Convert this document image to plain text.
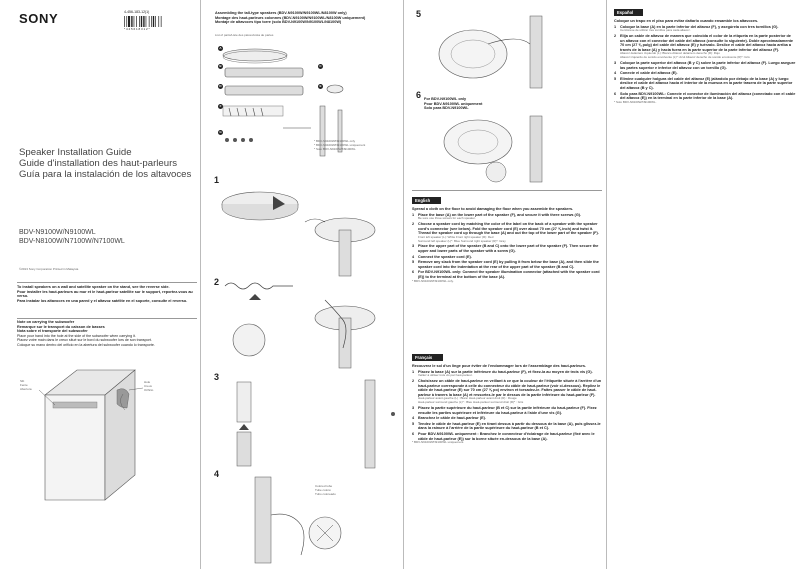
SONY	4-456-183-12(1)
* 4 4 5 6 1 8 3 1 2 *
Speaker Installation Guide
Guide d'installation des haut-parleurs
Guía para la instalación de los altavoces
BDV-N9100W/N9100WL
BDV-N8100W/N7100W/N7100WL
©2013 Sony Corporation Printed in Malaysia
To install speakers on a wall and satellite speaker on the stand, see the reverse side.
Pour installer les haut-parleurs au mur et le haut-parleur satellite sur le support, reportez-vous au verso.
Para instalar los altavoces en una pared y el altavoz satélite en el soporte, consulte el reverso.
Note on carrying the subwoofer
Remarque sur le transport du caisson de basses
Nota sobre el transporte del subwoofer
Place your hand into the hole at the side of the subwoofer when carrying it.
Placez votre main dans le creux situé sur le bord du subwoofer lors de son transport.
Coloque su mano dentro del orificio en la abertura del subwoofer cuando lo transporte.
Slit
Fente
Abertura
Hole
Creux
Orificio
Assembling the tall-type speakers (BDV-N9100W/N9100WL/N8100W only)
Montage des haut-parleurs colonnes (BDV-N9100W/N9100WL/N8100W uniquement)
Montaje de altavoces tipo torre (solo BDV-N9100W/N9100WL/N8100W)
List of parts/Liste des pièces/Lista de partes
A
B	C
D	E
F
G
* BDV-N9100W/N9100WL only
* BDV-N9100W/N9100WL uniquement
* Solo BDV-N9100W/N9100WL
1
2
3
4
Colored tube
Tube coloré
Tubo coloreado
5
6 For BDV-N9100WL only
Pour BDV-N9100WL uniquement
Solo para BDV-N9100WL
English
Spread a cloth on the floor to avoid damaging the floor when you assemble the speakers.
1	Place the base (A) on the lower part of the speaker (F), and secure it with three screws (G).
Be sure use three screws for each speaker.
2	Choose a speaker cord by matching the color of the label on the back of a speaker with the speaker cord's connector (see below). Fold the speaker cord (E) over about 70 cm (27 ⅝ inch) and twist it. Thread the speaker cord up through the base (A) and out the top of the lower part of the speaker (F).
Front left speaker (L): White Front right speaker (R): Red
Surround left speaker (L)*: Blue Surround right speaker (R)*: Gray
3	Place the upper part of the speaker (B and C) onto the lower part of the speaker (F). Then secure the upper and lower parts of the speaker with a screw (G).
4	Connect the speaker cord (E).
5	Remove any slack from the speaker cord (E) by pulling it from below the base (A), and then slide the speaker cord into the indentation at the rear of the upper part of the speaker (B and C).
6	For BDV-N9100WL only: Connect the speaker illumination connector (attached with the speaker cord (E)) to the terminal at the bottom of the base (A).
* BDV-N9100W/N9100WL only.
Français
Recouvrez le sol d'un linge pour éviter de l'endommager lors de l'assemblage des haut-parleurs.
1	Placez la base (A) sur la partie inférieure du haut-parleur (F), et fixez-la au moyen de trois vis (G).
Veillez à utiliser trois vis par haut-parleur.
2	Choisissez un câble de haut-parleur en veillant à ce que la couleur de l'étiquette située à l'arrière d'un haut-parleur corresponde à celle du connecteur du câble de haut-parleur (voir ci-dessous). Repliez le câble de haut-parleur (E) sur 70 cm (27 ⅝ po) environ et torsadez-le. Faites passer le câble de haut-parleur à travers la base (A) et ressortez-le par le dessus de la partie inférieure du haut-parleur (F).
Haut-parleur avant gauche (L) : Blanc Haut-parleur avant droit (R) : Rouge
Haut-parleur surround gauche (L)* : Bleu Haut-parleur surround droit (R)* : Gris
3	Placez la partie supérieure du haut-parleur (B et C) sur la partie inférieure du haut-parleur (F). Fixez ensuite les parties supérieure et inférieure du haut-parleur à l'aide d'une vis (G).
4	Branchez le câble de haut-parleur (E).
5	Tendez le câble de haut-parleur (E) en tirant dessus à partir du dessous de la base (A), puis glissez-le dans la rainure à l'arrière de la partie supérieure du haut-parleur (B et C).
6	Pour BDV-N9100WL uniquement : Branchez le connecteur d'éclairage de haut-parleur (fixé avec le câble de haut-parleur (E)) sur la borne située en-dessous de la base (A).
* BDV-N9100W/N9100WL uniquement.
Español
Coloque un trapo en el piso para evitar dañarlo cuando ensamble los altavoces.
1	Coloque la base (A) en la parte inferior del altavoz (F), y asegúrela con tres tornillos (G).
Cerciórese de utilizar tres tornillos para cada altavoz.
2	Elija un cable de altavoz de manera que coincida el color de la etiqueta en la parte posterior de un altavoz con el conector del cable del altavoz (consulte lo siguiente). Doble aproximadamente 70 cm (27 ⅝ pulg) del cable del altavoz (E) y tuérzalo. Deslice el cable del altavoz hacia arriba a través de la base (A) y hacia fuera en la parte superior de la parte inferior del altavoz (F).
Altavoz delantero izquierdo (L): Blanco Altavoz delantero derecho (R): Rojo
Altavoz izquierdo de sonido envolvente (L)*: Azul Altavoz derecho de sonido envolvente (R)*: Gris
3	Coloque la parte superior del altavoz (B y C) sobre la parte inferior del altavoz (F). Luego asegure las partes superior e inferior del altavoz con un tornillo (G).
4	Conecte el cable del altavoz (E).
5	Elimine cualquier holgura del cable del altavoz (E) jalándolo por debajo de la base (A) y luego deslice el cable del altavoz hacia el interior de la muesca en la parte trasera de la parte superior del altavoz (B y C).
6	Solo para BDV-N9100WL: Conecte el conector de iluminación del altavoz (conectado con el cable del altavoz (E)) en la terminal en la parte inferior de la base (A).
* Solo BDV-N9100W/N9100WL.
